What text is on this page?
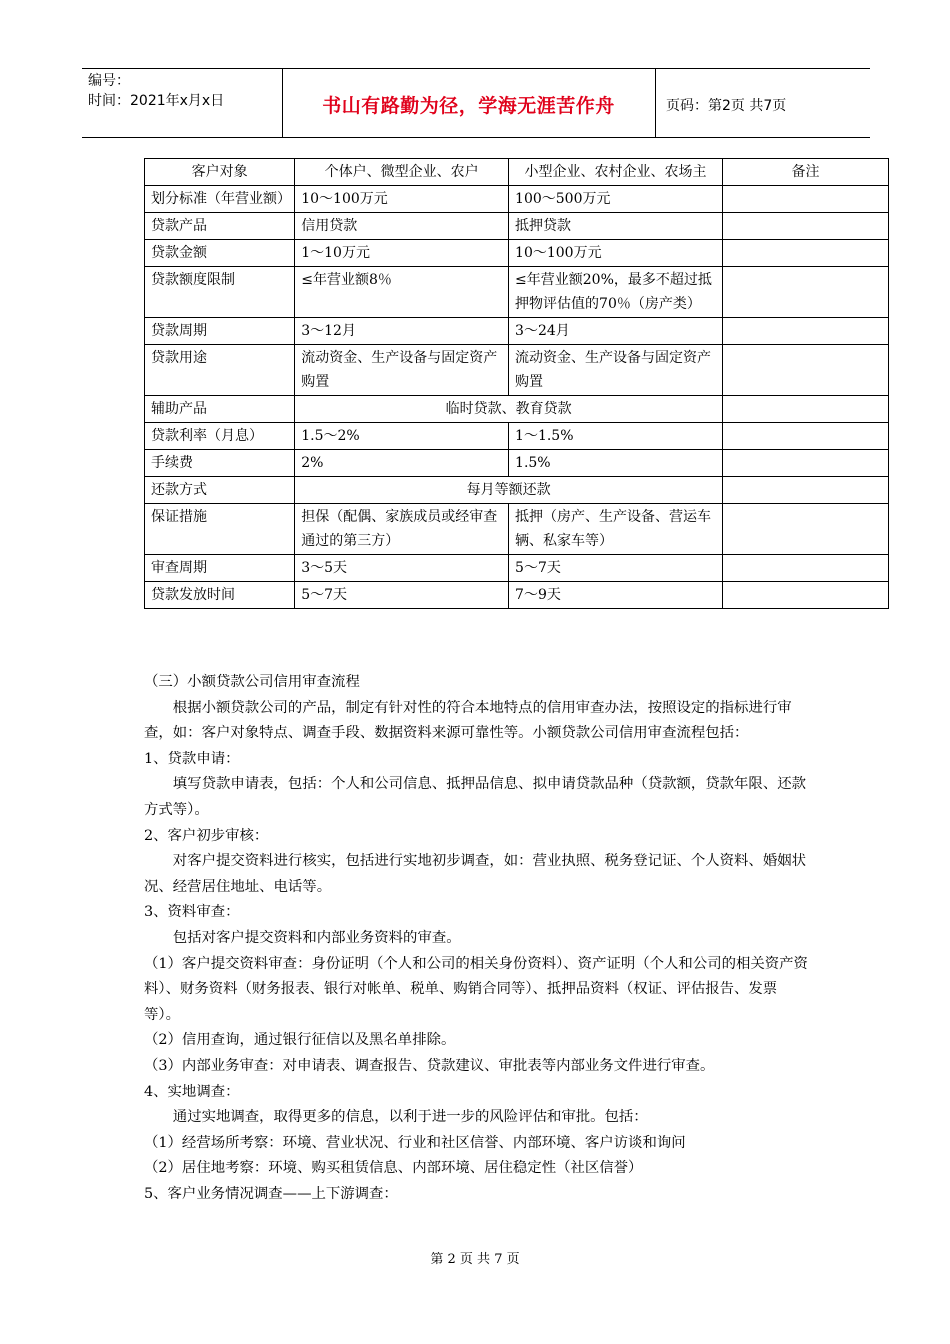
编号：
时间：2021年x月x日	书山有路勤为径，学海无涯苦作舟	页码：第2页 共7页
客户对象	个体户、微型企业、农户	小型企业、农村企业、农场主	备注
划分标准（年营业额）	10～100万元	100～500万元	
贷款产品	信用贷款	抵押贷款	
贷款金额	1～10万元	10～100万元	
贷款额度限制	≤年营业额8％	≤年营业额20%，最多不超过抵押物评估值的70％（房产类）	
贷款周期	3～12月	3～24月	
贷款用途	流动资金、生产设备与固定资产购置	流动资金、生产设备与固定资产购置	
辅助产品	临时贷款、教育贷款		
贷款利率（月息）	1.5～2%	1～1.5%	
手续费	2%	1.5%	
还款方式	每月等额还款		
保证措施	担保（配偶、家族成员或经审查通过的第三方）	抵押（房产、生产设备、营运车辆、私家车等）	
审查周期	3～5天	5～7天	
贷款发放时间	5～7天	7～9天	

（三）小额贷款公司信用审查流程

根据小额贷款公司的产品，制定有针对性的符合本地特点的信用审查办法，按照设定的指标进行审查，如：客户对象特点、调查手段、数据资料来源可靠性等。小额贷款公司信用审查流程包括：

1、贷款申请：

填写贷款申请表，包括：个人和公司信息、抵押品信息、拟申请贷款品种（贷款额，贷款年限、还款方式等）。

2、客户初步审核：

对客户提交资料进行核实，包括进行实地初步调查，如：营业执照、税务登记证、个人资料、婚姻状况、经营居住地址、电话等。

3、资料审查：

包括对客户提交资料和内部业务资料的审查。

（1）客户提交资料审查：身份证明（个人和公司的相关身份资料）、资产证明（个人和公司的相关资产资料）、财务资料（财务报表、银行对帐单、税单、购销合同等）、抵押品资料（权证、评估报告、发票等）。

（2）信用查询，通过银行征信以及黑名单排除。

（3）内部业务审查：对申请表、调查报告、贷款建议、审批表等内部业务文件进行审查。

4、实地调查：

通过实地调查，取得更多的信息，以利于进一步的风险评估和审批。包括：

（1）经营场所考察：环境、营业状况、行业和社区信誉、内部环境、客户访谈和询问

（2）居住地考察：环境、购买租赁信息、内部环境、居住稳定性（社区信誉）

5、客户业务情况调查——上下游调查：

第 2 页 共 7 页
